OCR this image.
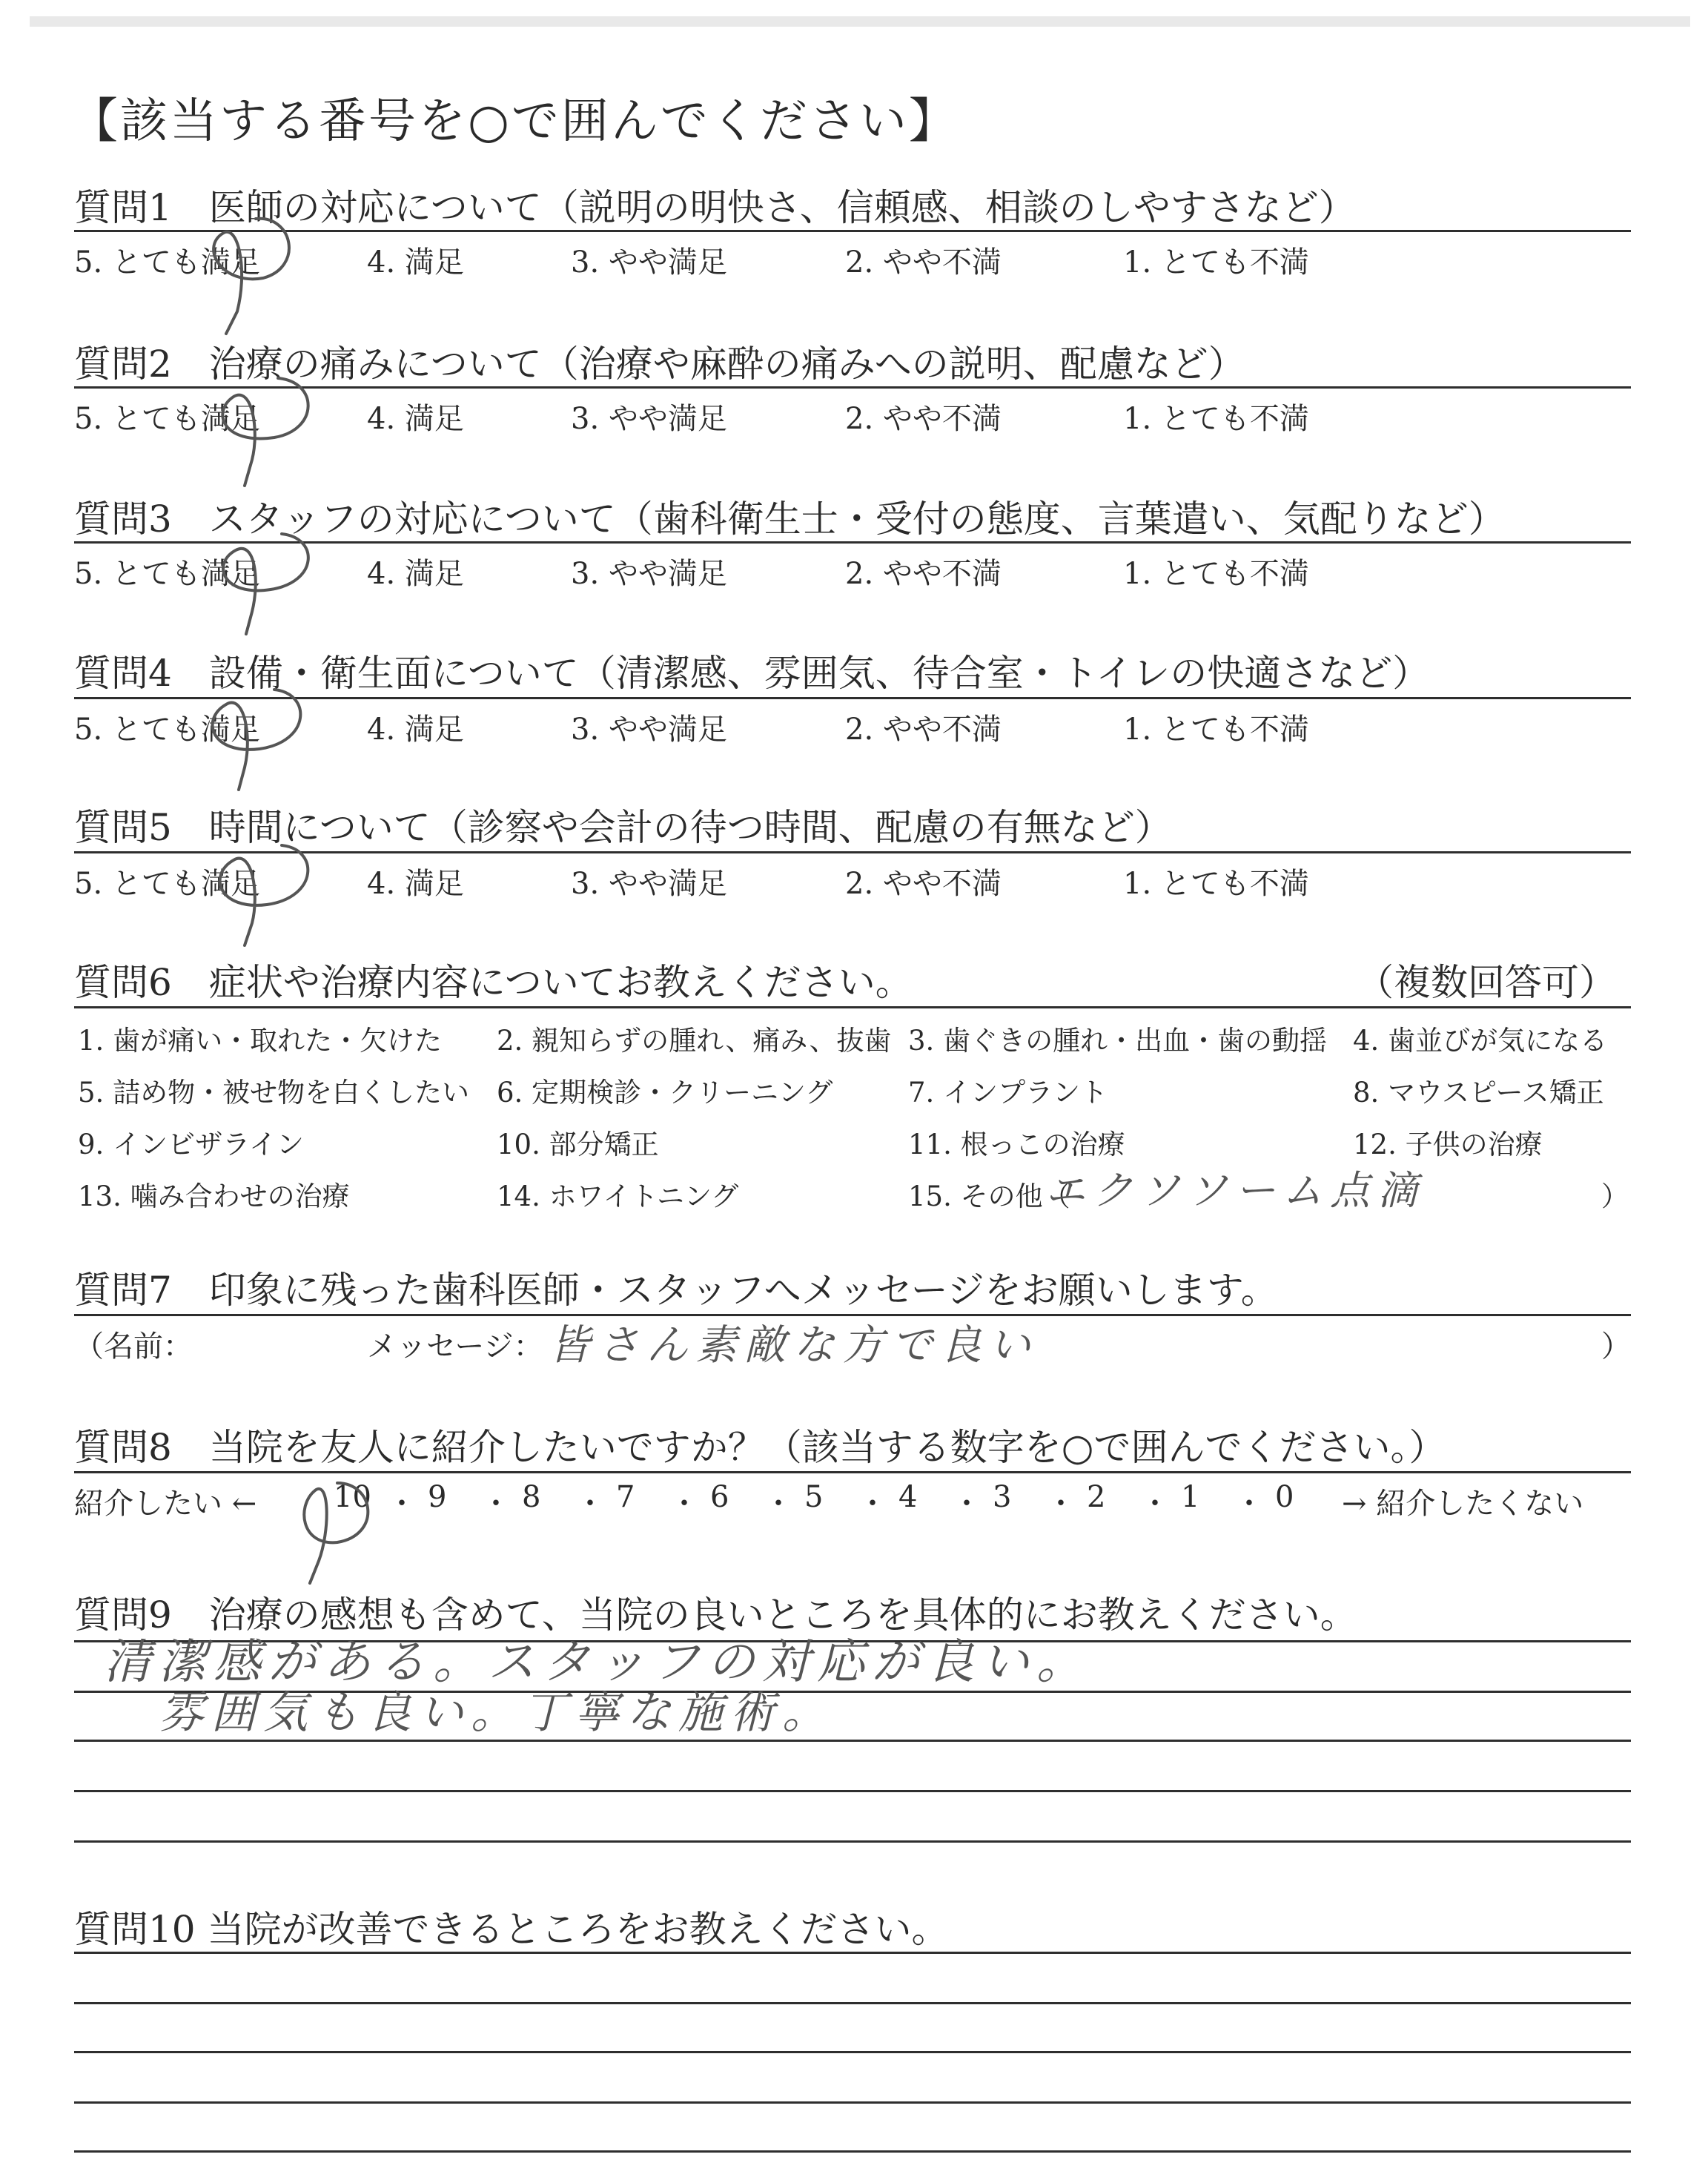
【該当する番号を○で囲んでください】
質問1　医師の対応について（説明の明快さ、信頼感、相談のしやすさなど）
5. とても満足	4. 満足	3. やや満足	2. やや不満	1. とても不満
質問2　治療の痛みについて（治療や麻酔の痛みへの説明、配慮など）
5. とても満足	4. 満足	3. やや満足	2. やや不満	1. とても不満
質問3　スタッフの対応について（歯科衛生士・受付の態度、言葉遣い、気配りなど）
5. とても満足	4. 満足	3. やや満足	2. やや不満	1. とても不満
質問4　設備・衛生面について（清潔感、雰囲気、待合室・トイレの快適さなど）
5. とても満足	4. 満足	3. やや満足	2. やや不満	1. とても不満
質問5　時間について（診察や会計の待つ時間、配慮の有無など）
5. とても満足	4. 満足	3. やや満足	2. やや不満	1. とても不満
質問6　症状や治療内容についてお教えください。	（複数回答可）
1. 歯が痛い・取れた・欠けた 2. 親知らずの腫れ、痛み、抜歯 3. 歯ぐきの腫れ・出血・歯の動揺 4. 歯並びが気になる
5. 詰め物・被せ物を白くしたい 6. 定期検診・クリーニング	7. インプラント	8. マウスピース矯正
9. インビザライン	10. 部分矯正	11. 根っこの治療	12. 子供の治療
13. 噛み合わせの治療	14. ホワイトニング	15. その他（
エクソソーム点滴	）
質問7　印象に残った歯科医師・スタッフへメッセージをお願いします。
（名前：	メッセージ： 皆さん素敵な方で良い	）
質問8　当院を友人に紹介したいですか？（該当する数字を○で囲んでください。）
紹介したい ←	→ 紹介したくない
10 ・ 9 ・ 8 ・ 7 ・ 6 ・ 5 ・ 4 ・ 3 ・ 2 ・ 1 ・ 0
質問9　治療の感想も含めて、当院の良いところを具体的にお教えください。
清潔感がある。スタッフの対応が良い。
雰囲気も良い。丁寧な施術。
質問10 当院が改善できるところをお教えください。
